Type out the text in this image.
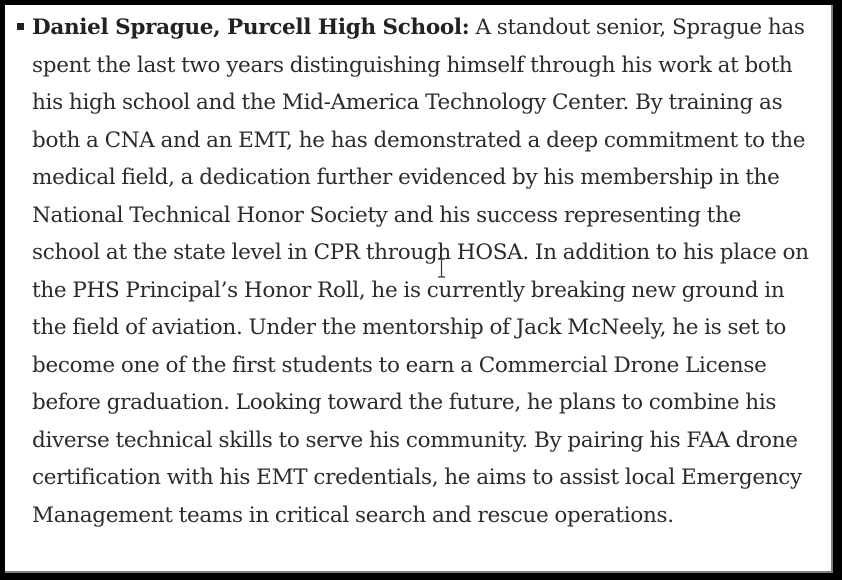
Daniel Sprague, Purcell High School: A standout senior, Sprague has spent the last two years distinguishing himself through his work at both his high school and the Mid-America Technology Center. By training as both a CNA and an EMT, he has demonstrated a deep commitment to the medical field, a dedication further evidenced by his membership in the National Technical Honor Society and his success representing the school at the state level in CPR through HOSA. In addition to his place on the PHS Principal’s Honor Roll, he is currently breaking new ground in the field of aviation. Under the mentorship of Jack McNeely, he is set to become one of the first students to earn a Commercial Drone License before graduation. Looking toward the future, he plans to combine his diverse technical skills to serve his community. By pairing his FAA drone certification with his EMT credentials, he aims to assist local Emergency Management teams in critical search and rescue operations.
